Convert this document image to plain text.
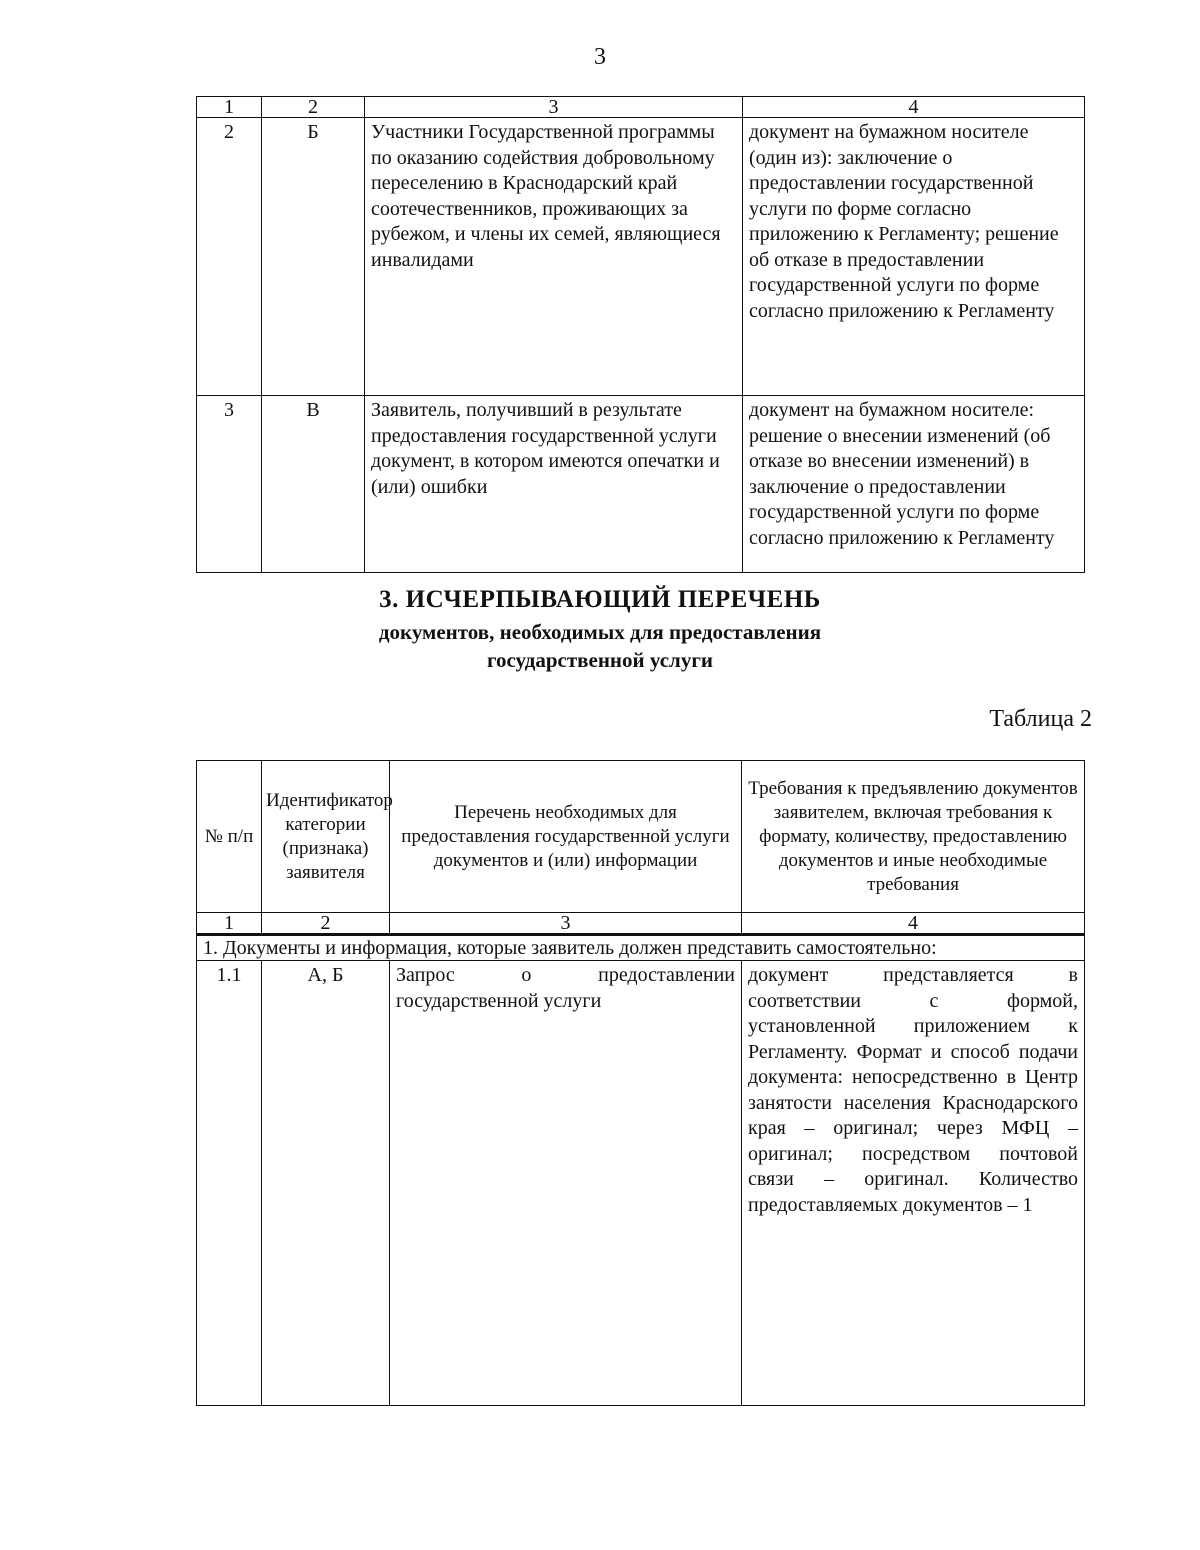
3
1	2	3	4
2	Б	Участники Государственной программы по оказанию содействия добровольному переселению в Краснодарский край соотечественников, проживающих за рубежом, и члены их семей, являющиеся инвалидами	документ на бумажном носителе (один из): заключение о предоставлении государственной услуги по форме согласно приложению к Регламенту; решение об отказе в предоставлении государственной услуги по форме согласно приложению к Регламенту
3	В	Заявитель, получивший в результате предоставления государственной услуги документ, в котором имеются опечатки и (или) ошибки	документ на бумажном носителе: решение о внесении изменений (об отказе во внесении изменений) в заключение о предоставлении государственной услуги по форме согласно приложению к Регламенту
3. ИСЧЕРПЫВАЮЩИЙ ПЕРЕЧЕНЬ
документов, необходимых для предоставления
государственной услуги
Таблица 2
№ п/п	Идентификатор категории (признака) заявителя	Перечень необходимых для предоставления государственной услуги документов и (или) информации	Требования к предъявлению документов заявителем, включая требования к формату, количеству, предоставлению документов и иные необходимые требования
1	2	3	4
1. Документы и информация, которые заявитель должен представить самостоятельно:			
1.1	А, Б	Запрос о предоставлении государственной услуги	документ представляется в соответствии с формой, установленной приложением к Регламенту. Формат и способ подачи документа: непосредственно в Центр занятости населения Краснодарского края – оригинал; через МФЦ – оригинал; посредством почтовой связи – оригинал. Количество предоставляемых документов – 1
